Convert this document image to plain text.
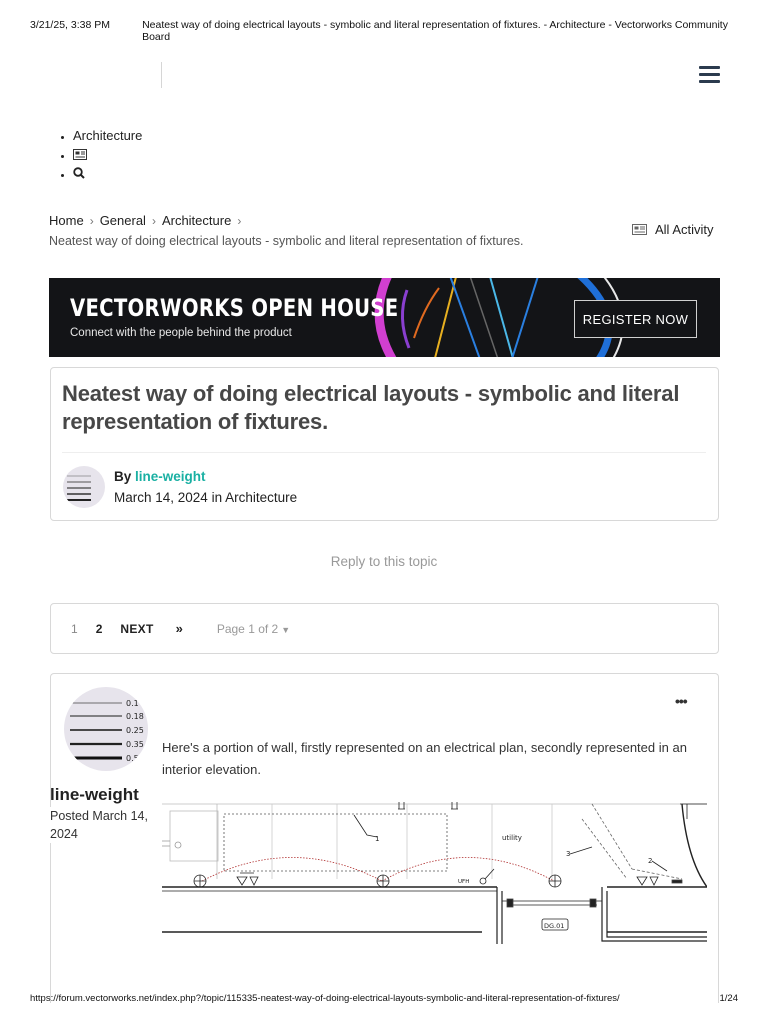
3/21/25, 3:38 PM	Neatest way of doing electrical layouts - symbolic and literal representation of fixtures. - Architecture - Vectorworks Community Board
• Architecture
•
•
Home › General › Architecture ›
Neatest way of doing electrical layouts - symbolic and literal representation of fixtures.
All Activity
VECTORWORKS OPEN HOUSE
Connect with the people behind the product
REGISTER NOW
Neatest way of doing electrical layouts - symbolic and literal representation of fixtures.
By line-weight
March 14, 2024 in Architecture
Reply to this topic
1 2 NEXT »	Page 1 of 2 ▼
0.1
0.18
0.25
0.35
0.5
line-weight
Posted March 14, 2024
•••
Here's a portion of wall, firstly represented on an electrical plan, secondly represented in an interior elevation.
1	utility
3
2
UFH
DG.01
https://forum.vectorworks.net/index.php?/topic/115335-neatest-way-of-doing-electrical-layouts-symbolic-and-literal-representation-of-fixtures/	1/24
